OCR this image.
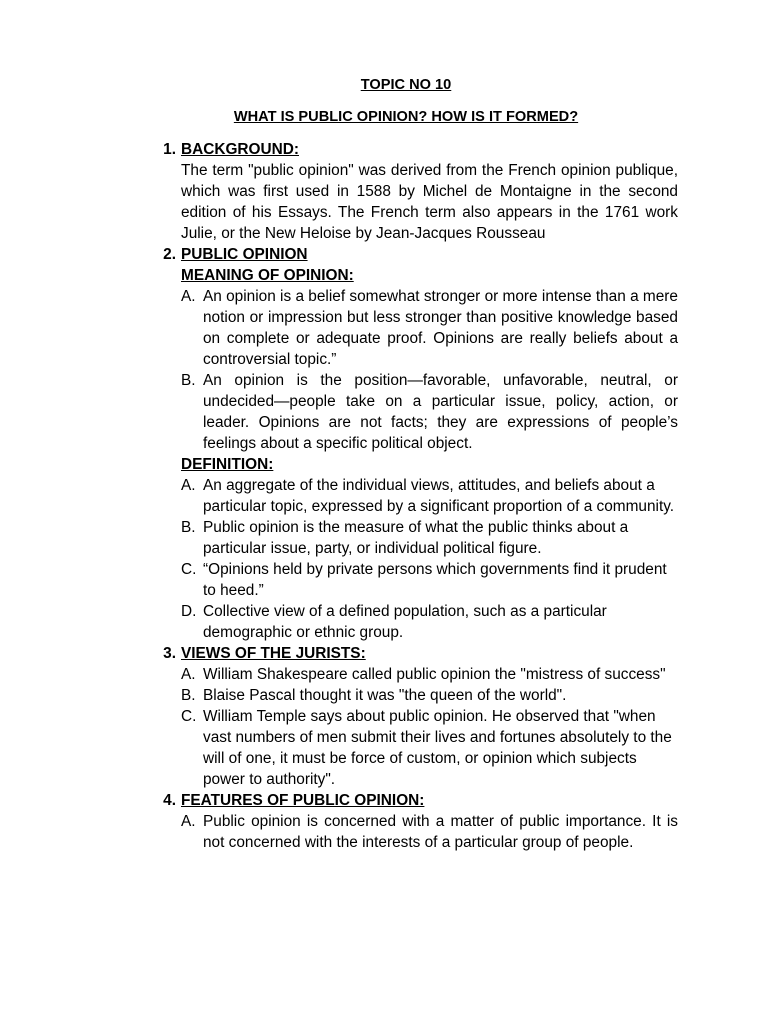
TOPIC NO 10
WHAT IS PUBLIC OPINION? HOW IS IT FORMED?
1. BACKGROUND:
The term "public opinion" was derived from the French opinion publique, which was first used in 1588 by Michel de Montaigne in the second edition of his Essays. The French term also appears in the 1761 work Julie, or the New Heloise by Jean-Jacques Rousseau
2. PUBLIC OPINION
MEANING OF OPINION:
A. An opinion is a belief somewhat stronger or more intense than a mere notion or impression but less stronger than positive knowledge based on complete or adequate proof. Opinions are really beliefs about a controversial topic.”
B. An opinion is the position—favorable, unfavorable, neutral, or undecided—people take on a particular issue, policy, action, or leader. Opinions are not facts; they are expressions of people’s feelings about a specific political object.
DEFINITION:
A. An aggregate of the individual views, attitudes, and beliefs about a particular topic, expressed by a significant proportion of a community.
B. Public opinion is the measure of what the public thinks about a particular issue, party, or individual political figure.
C. “Opinions held by private persons which governments find it prudent to heed.”
D. Collective view of a defined population, such as a particular demographic or ethnic group.
3. VIEWS OF THE JURISTS:
A. William Shakespeare called public opinion the "mistress of success"
B. Blaise Pascal thought it was "the queen of the world".
C. William Temple says about public opinion. He observed that "when vast numbers of men submit their lives and fortunes absolutely to the will of one, it must be force of custom, or opinion which subjects power to authority".
4. FEATURES OF PUBLIC OPINION:
A. Public opinion is concerned with a matter of public importance. It is not concerned with the interests of a particular group of people.
